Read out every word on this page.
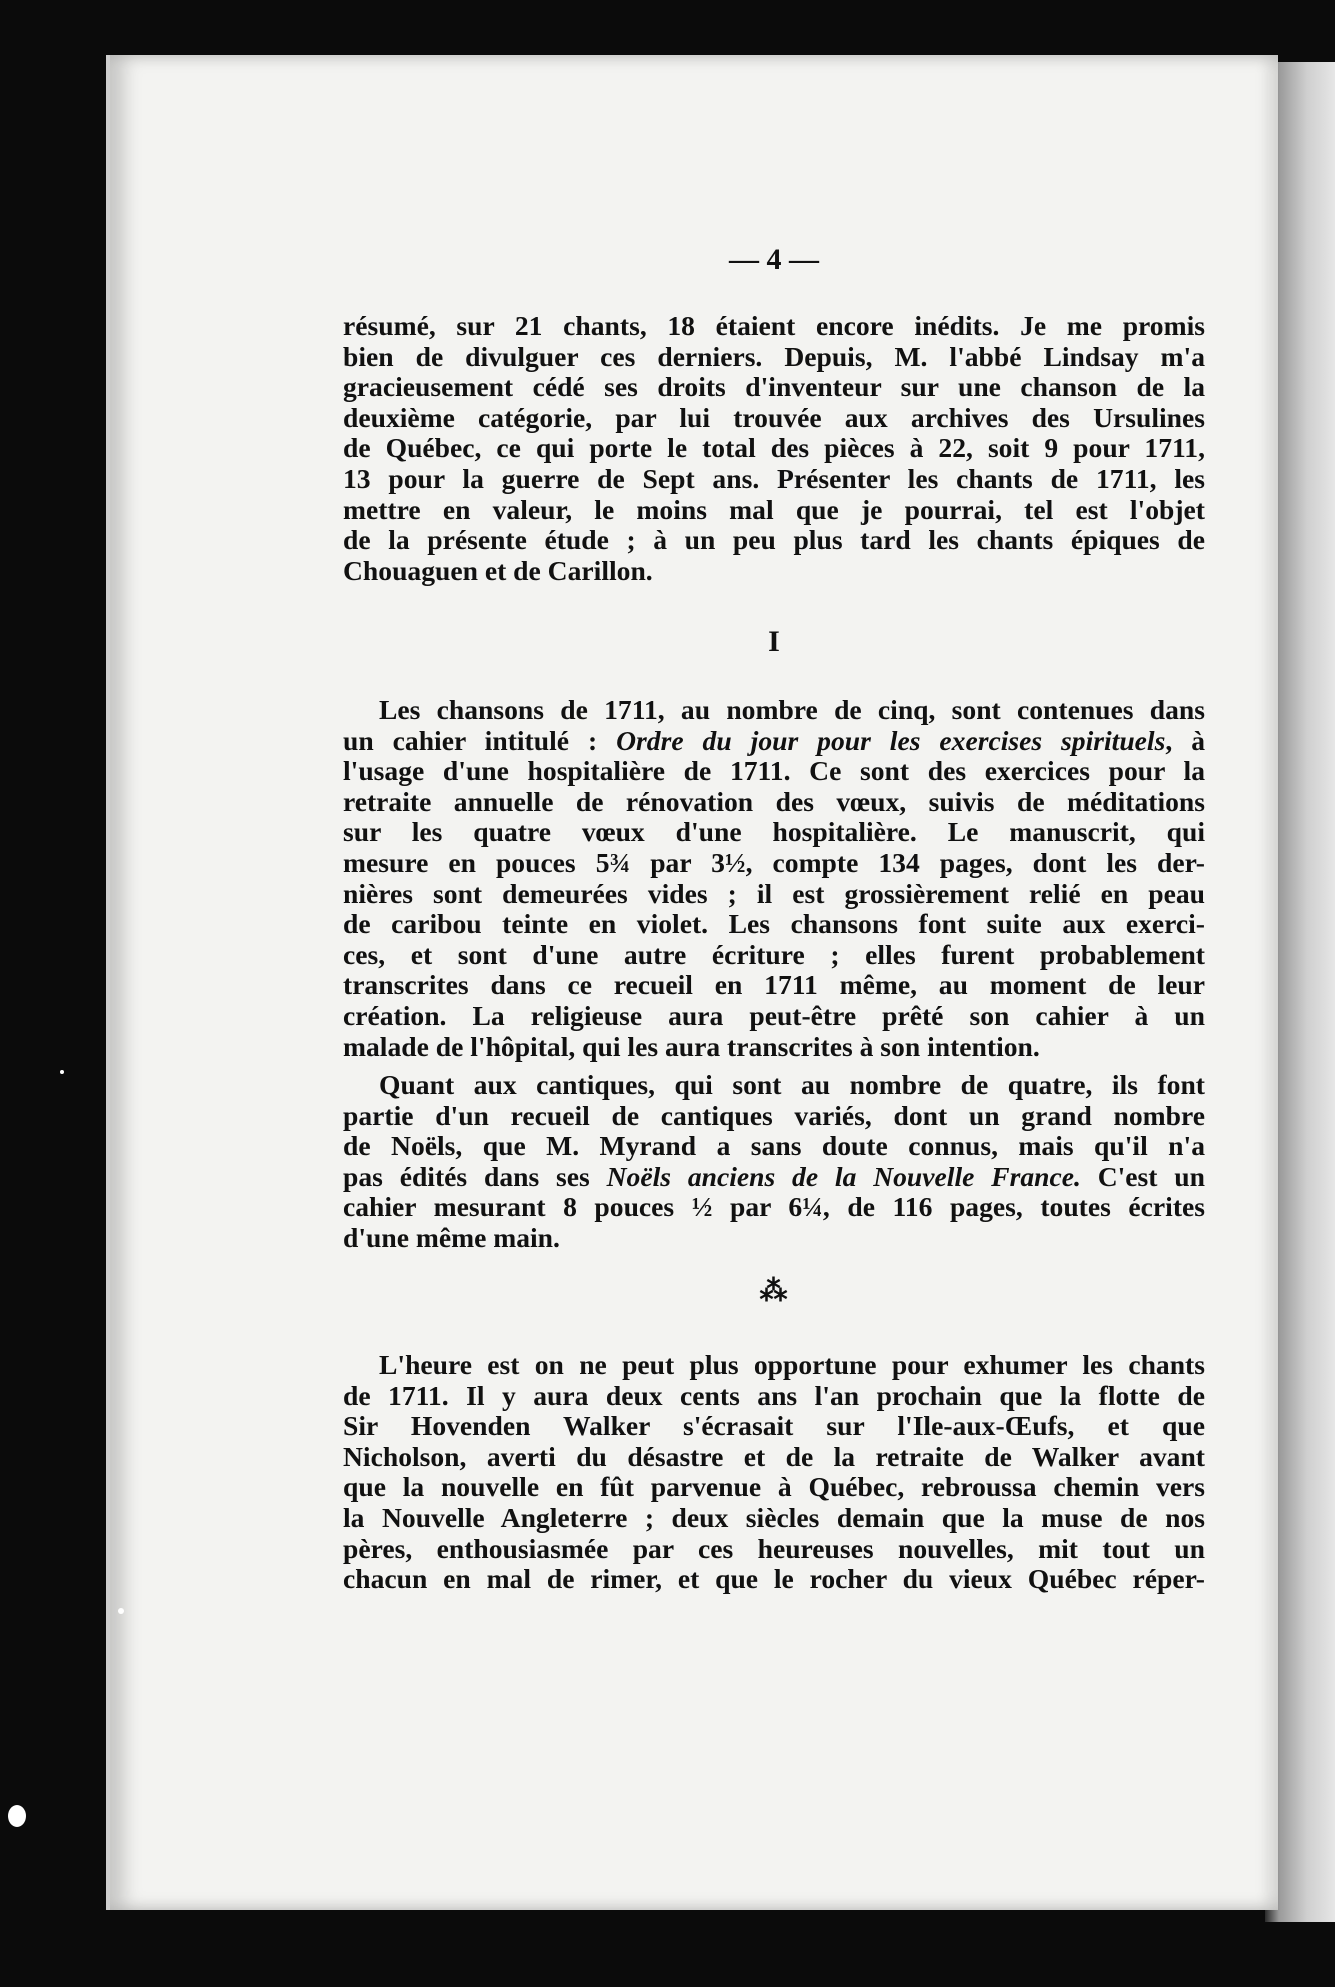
— 4 —

résumé, sur 21 chants, 18 étaient encore inédits. Je me promis

bien de divulguer ces derniers. Depuis, M. l'abbé Lindsay m'a

gracieusement cédé ses droits d'inventeur sur une chanson de la

deuxième catégorie, par lui trouvée aux archives des Ursulines

de Québec, ce qui porte le total des pièces à 22, soit 9 pour 1711,

13 pour la guerre de Sept ans. Présenter les chants de 1711, les

mettre en valeur, le moins mal que je pourrai, tel est l'objet

de la présente étude ; à un peu plus tard les chants épiques de

Chouaguen et de Carillon.

I

Les chansons de 1711, au nombre de cinq, sont contenues dans

un cahier intitulé : Ordre du jour pour les exercises spirituels, à

l'usage d'une hospitalière de 1711. Ce sont des exercices pour la

retraite annuelle de rénovation des vœux, suivis de méditations

sur les quatre vœux d'une hospitalière. Le manuscrit, qui

mesure en pouces 5¾ par 3½, compte 134 pages, dont les der-

nières sont demeurées vides ; il est grossièrement relié en peau

de caribou teinte en violet. Les chansons font suite aux exerci-

ces, et sont d'une autre écriture ; elles furent probablement

transcrites dans ce recueil en 1711 même, au moment de leur

création. La religieuse aura peut-être prêté son cahier à un

malade de l'hôpital, qui les aura transcrites à son intention.

Quant aux cantiques, qui sont au nombre de quatre, ils font

partie d'un recueil de cantiques variés, dont un grand nombre

de Noëls, que M. Myrand a sans doute connus, mais qu'il n'a

pas édités dans ses Noëls anciens de la Nouvelle France. C'est un

cahier mesurant 8 pouces ½ par 6¼, de 116 pages, toutes écrites

d'une même main.

⁂

L'heure est on ne peut plus opportune pour exhumer les chants

de 1711. Il y aura deux cents ans l'an prochain que la flotte de

Sir Hovenden Walker s'écrasait sur l'Ile-aux-Œufs, et que

Nicholson, averti du désastre et de la retraite de Walker avant

que la nouvelle en fût parvenue à Québec, rebroussa chemin vers

la Nouvelle Angleterre ; deux siècles demain que la muse de nos

pères, enthousiasmée par ces heureuses nouvelles, mit tout un

chacun en mal de rimer, et que le rocher du vieux Québec réper-
